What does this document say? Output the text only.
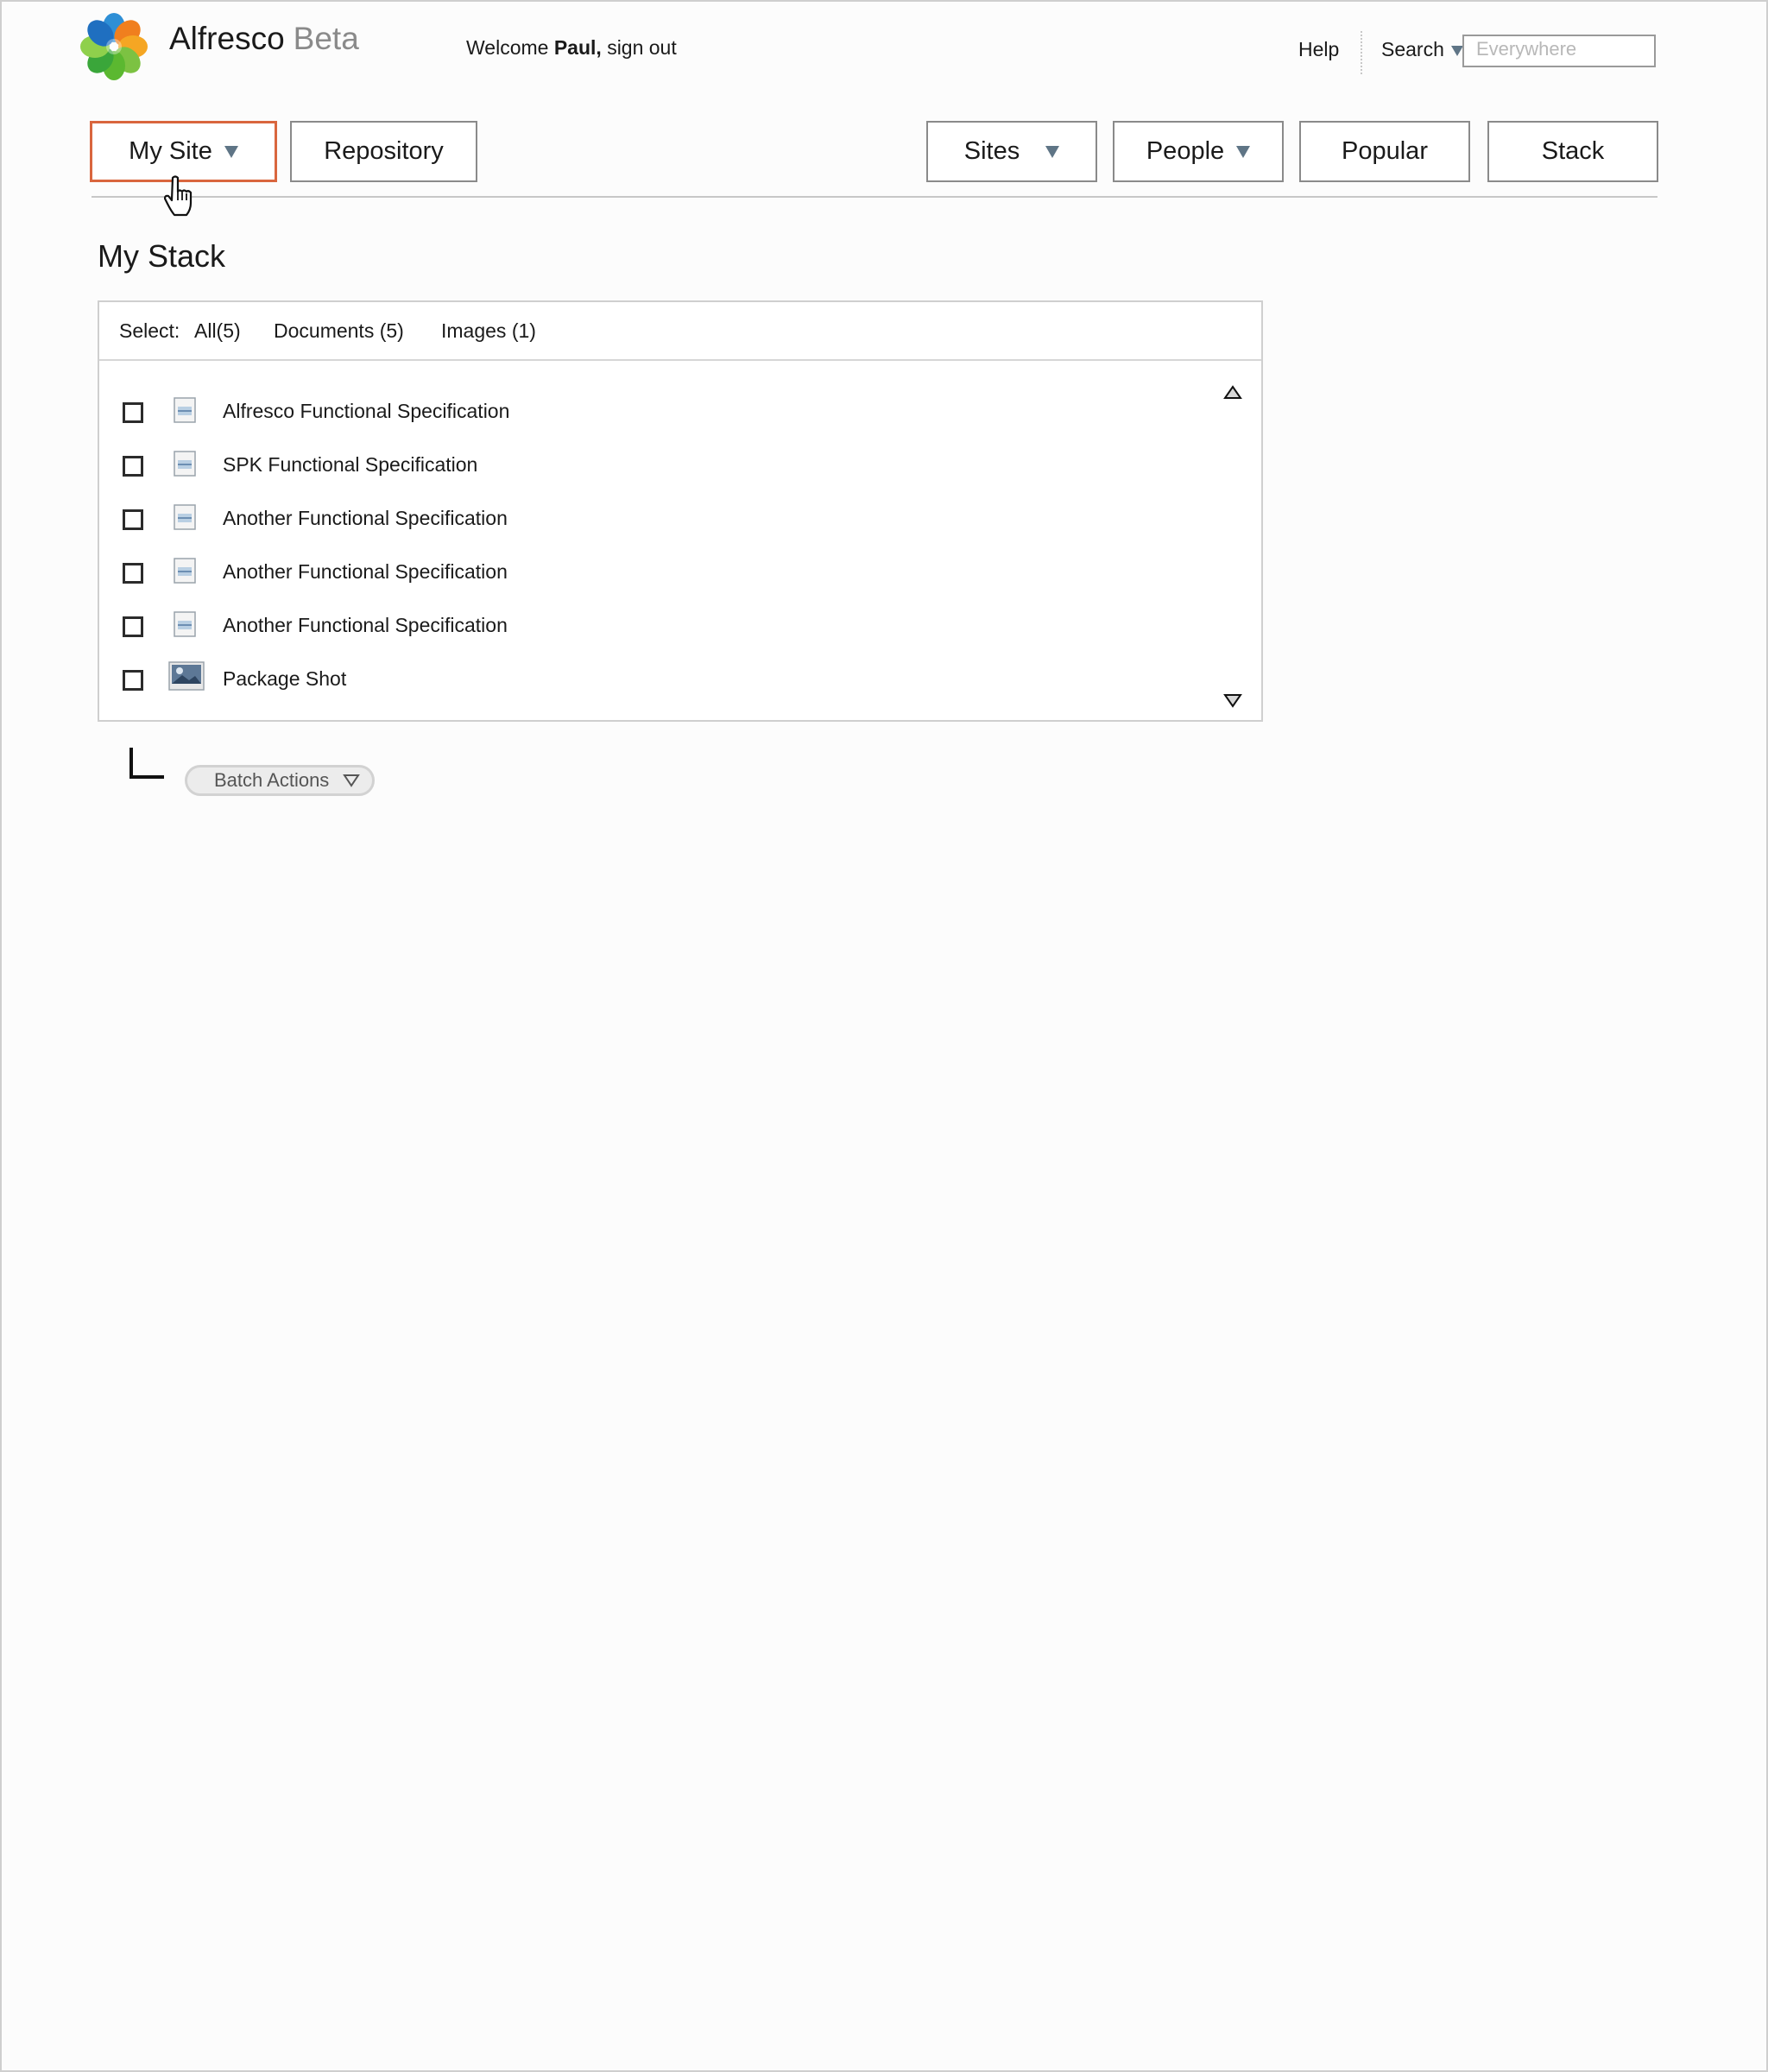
Alfresco Beta	Welcome Paul, sign out	Help Search
Everywhere
My Site	Repository	Sites	People	Popular	Stack
My Stack
Select: All(5) Documents (5) Images (1)
Alfresco Functional Specification
SPK Functional Specification
Another Functional Specification
Another Functional Specification
Another Functional Specification
Package Shot
Batch Actions
